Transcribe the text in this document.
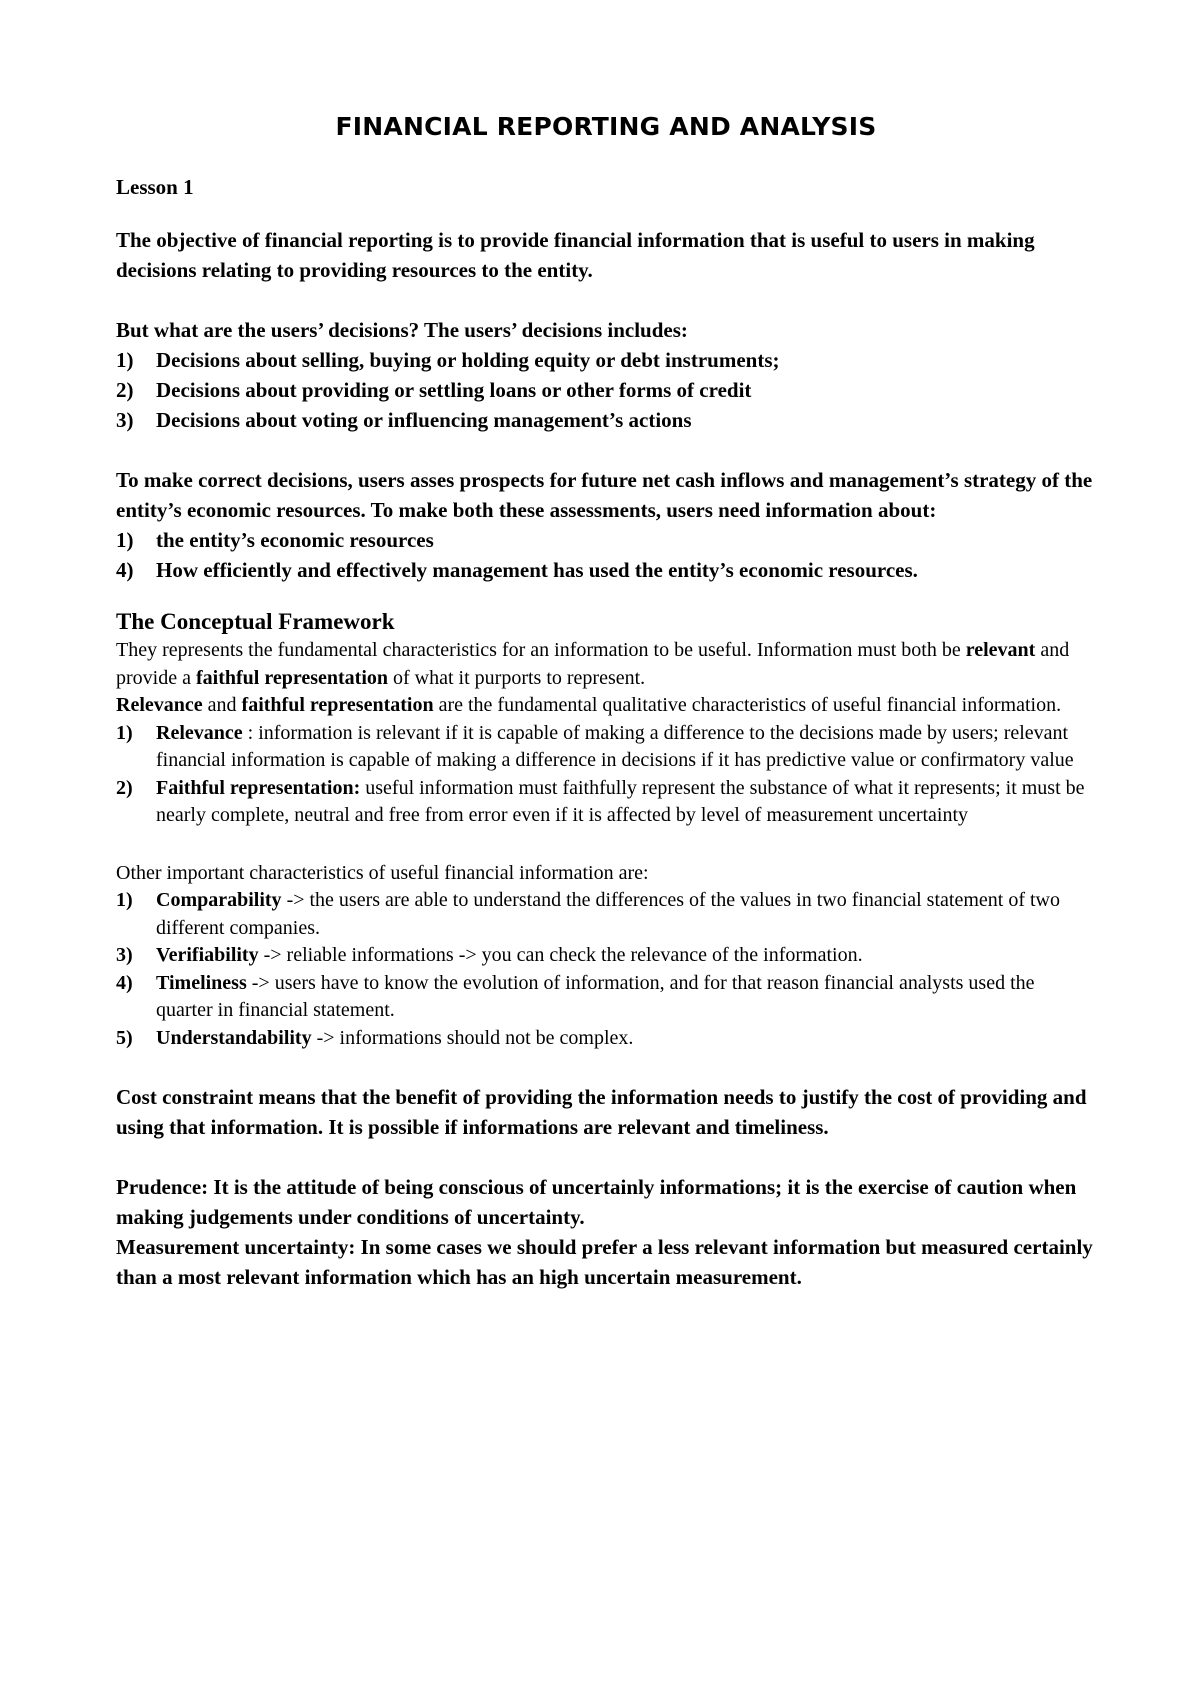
FINANCIAL REPORTING AND ANALYSIS

Lesson 1

The objective of financial reporting is to provide financial information that is useful to users in making decisions relating to providing resources to the entity.

But what are the users’ decisions? The users’ decisions includes:

1) Decisions about selling, buying or holding equity or debt instruments;
2) Decisions about providing or settling loans or other forms of credit
3) Decisions about voting or influencing management’s actions

To make correct decisions, users asses prospects for future net cash inflows and management’s strategy of the entity’s economic resources. To make both these assessments, users need information about:

1) the entity’s economic resources
4) How efficiently and effectively management has used the entity’s economic resources.
The Conceptual Framework

They represents the fundamental characteristics for an information to be useful. Information must both be relevant and provide a faithful representation of what it purports to represent.

Relevance and faithful representation are the fundamental qualitative characteristics of useful financial information.

1) Relevance : information is relevant if it is capable of making a difference to the decisions made by users; relevant financial information is capable of making a difference in decisions if it has predictive value or confirmatory value
2) Faithful representation: useful information must faithfully represent the substance of what it represents; it must be nearly complete, neutral and free from error even if it is affected by level of measurement uncertainty

Other important characteristics of useful financial information are:

1) Comparability -> the users are able to understand the differences of the values in two financial statement of two different companies.
3) Verifiability -> reliable informations -> you can check the relevance of the information.
4) Timeliness -> users have to know the evolution of information, and for that reason financial analysts used the quarter in financial statement.
5) Understandability -> informations should not be complex.

Cost constraint means that the benefit of providing the information needs to justify the cost of providing and using that information. It is possible if informations are relevant and timeliness.

Prudence: It is the attitude of being conscious of uncertainly informations; it is the exercise of caution when making judgements under conditions of uncertainty.

Measurement uncertainty: In some cases we should prefer a less relevant information but measured certainly than a most relevant information which has an high uncertain measurement.
